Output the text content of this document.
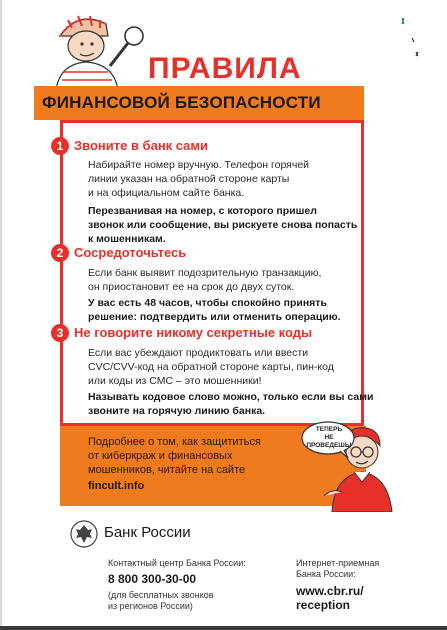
ПРАВИЛА
ФИНАНСОВОЙ БЕЗОПАСНОСТИ
1 Звоните в банк сами
Набирайте номер вручную. Телефон горячей
линии указан на обратной стороне карты
и на официальном сайте банка.
Перезванивая на номер, с которого пришел
звонок или сообщение, вы рискуете снова попасть
к мошенникам.
2 Сосредоточьтесь
Если банк выявит подозрительную транзакцию,
он приостановит ее на срок до двух суток.
У вас есть 48 часов, чтобы спокойно принять
решение: подтвердить или отменить операцию.
3 Не говорите никому секретные коды
Если вас убеждают продиктовать или ввести
CVC/CVV-код на обратной стороне карты, пин-код
или коды из СМС – это мошенники!
Называть кодовое слово можно, только если вы сами
звоните на горячую линию банка.
Подробнее о том, как защититься
от киберкраж и финансовых
мошенников, читайте на сайте
fincult.info
ТЕПЕРЬ
НЕ
ПРОВЕДЕШЬ!
Банк России
Контактный центр Банка России:
8 800 300-30-00
(для бесплатных звонков
из регионов России)
Интернет-приемная
Банка России:
www.cbr.ru/
reception
